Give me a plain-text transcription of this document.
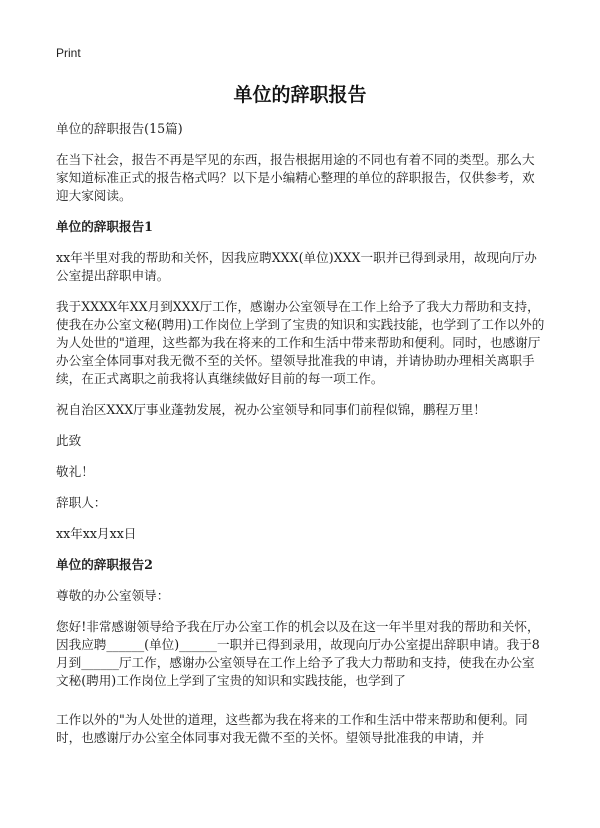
Print
单位的辞职报告

单位的辞职报告(15篇)

在当下社会，报告不再是罕见的东西，报告根据用途的不同也有着不同的类型。那么大家知道标准正式的报告格式吗？以下是小编精心整理的单位的辞职报告，仅供参考，欢迎大家阅读。

单位的辞职报告1

xx年半里对我的帮助和关怀，因我应聘XXX(单位)XXX一职并已得到录用，故现向厅办公室提出辞职申请。

我于XXXX年XX月到XXX厅工作，感谢办公室领导在工作上给予了我大力帮助和支持，使我在办公室文秘(聘用)工作岗位上学到了宝贵的知识和实践技能，也学到了工作以外的为人处世的"道理，这些都为我在将来的工作和生活中带来帮助和便利。同时，也感谢厅办公室全体同事对我无微不至的关怀。望领导批准我的申请，并请协助办理相关离职手续，在正式离职之前我将认真继续做好目前的每一项工作。

祝自治区XXX厅事业蓬勃发展，祝办公室领导和同事们前程似锦，鹏程万里！

此致

敬礼！

辞职人：

xx年xx月xx日

单位的辞职报告2

尊敬的办公室领导：

您好!非常感谢领导给予我在厅办公室工作的机会以及在这一年半里对我的帮助和关怀，因我应聘______(单位)______一职并已得到录用，故现向厅办公室提出辞职申请。我于8月到______厅工作，感谢办公室领导在工作上给予了我大力帮助和支持，使我在办公室文秘(聘用)工作岗位上学到了宝贵的知识和实践技能，也学到了

工作以外的"为人处世的道理，这些都为我在将来的工作和生活中带来帮助和便利。同时，也感谢厅办公室全体同事对我无微不至的关怀。望领导批准我的申请，并
